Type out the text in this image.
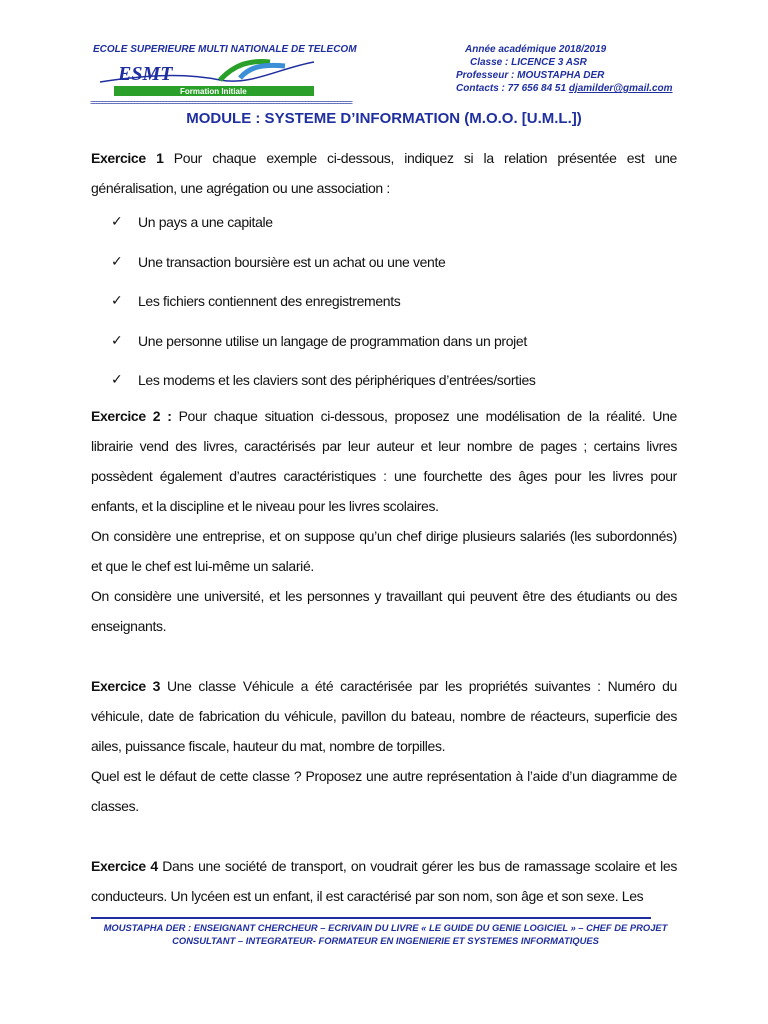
ECOLE SUPERIEURE MULTI NATIONALE DE TELECOM	Année académique 2018/2019
Classe : LICENCE 3 ASR
Professeur : MOUSTAPHA DER
Contacts : 77 656 84 51 djamilder@gmail.com
ESMT
Formation Initiale
==========================================================================================
MODULE : SYSTEME D’INFORMATION (M.O.O. [U.M.L.])

Exercice 1 Pour chaque exemple ci-dessous, indiquez si la relation présentée est une généralisation, une agrégation ou une association :

✓ Un pays a une capitale
✓ Une transaction boursière est un achat ou une vente
✓ Les fichiers contiennent des enregistrements
✓ Une personne utilise un langage de programmation dans un projet
✓ Les modems et les claviers sont des périphériques d’entrées/sorties

Exercice 2 : Pour chaque situation ci-dessous, proposez une modélisation de la réalité. Une librairie vend des livres, caractérisés par leur auteur et leur nombre de pages ; certains livres possèdent également d’autres caractéristiques : une fourchette des âges pour les livres pour enfants, et la discipline et le niveau pour les livres scolaires.

On considère une entreprise, et on suppose qu’un chef dirige plusieurs salariés (les subordonnés) et que le chef est lui-même un salarié.

On considère une université, et les personnes y travaillant qui peuvent être des étudiants ou des enseignants.

Exercice 3 Une classe Véhicule a été caractérisée par les propriétés suivantes : Numéro du véhicule, date de fabrication du véhicule, pavillon du bateau, nombre de réacteurs, superficie des ailes, puissance fiscale, hauteur du mat, nombre de torpilles.

Quel est le défaut de cette classe ? Proposez une autre représentation à l’aide d’un diagramme de classes.

Exercice 4 Dans une société de transport, on voudrait gérer les bus de ramassage scolaire et les conducteurs. Un lycéen est un enfant, il est caractérisé par son nom, son âge et son sexe. Les

MOUSTAPHA DER : ENSEIGNANT CHERCHEUR – ECRIVAIN DU LIVRE « LE GUIDE DU GENIE LOGICIEL » – CHEF DE PROJET
CONSULTANT – INTEGRATEUR- FORMATEUR EN INGENIERIE ET SYSTEMES INFORMATIQUES
